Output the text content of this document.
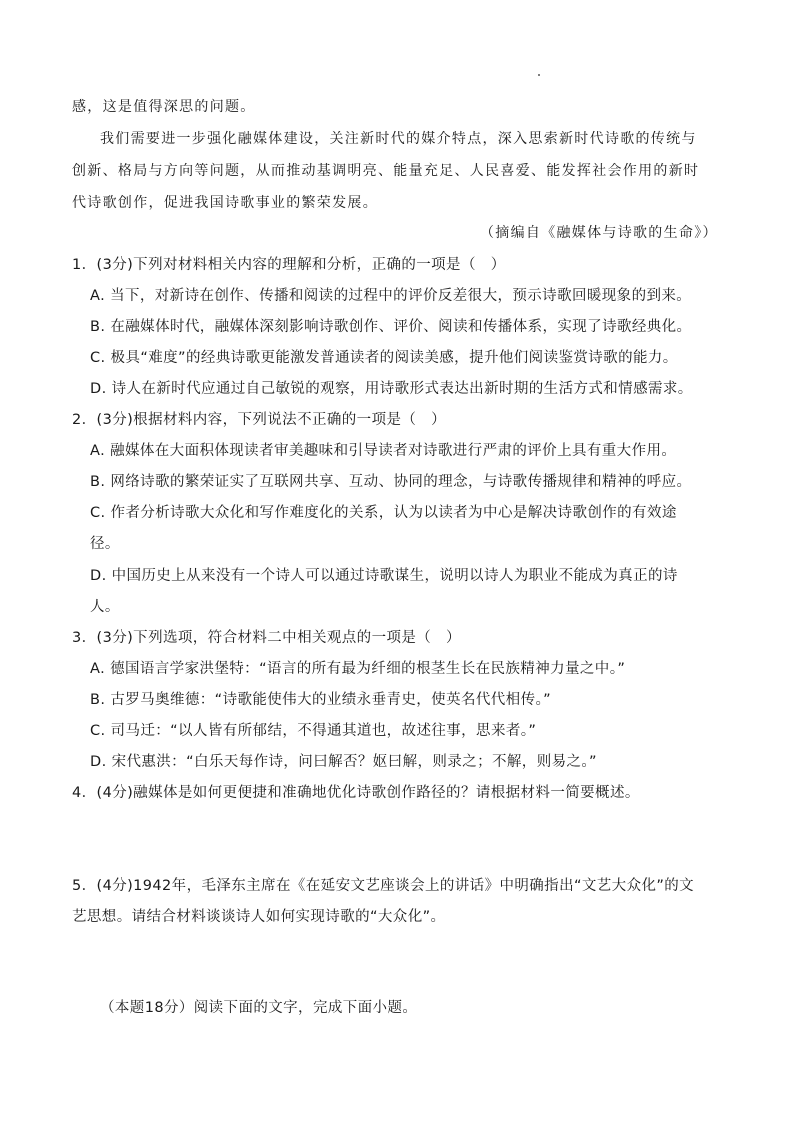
感，这是值得深思的问题。
我们需要进一步强化融媒体建设，关注新时代的媒介特点，深入思索新时代诗歌的传统与
创新、格局与方向等问题，从而推动基调明亮、能量充足、人民喜爱、能发挥社会作用的新时
代诗歌创作，促进我国诗歌事业的繁荣发展。
（摘编自《融媒体与诗歌的生命》）
1．(3分)下列对材料相关内容的理解和分析，正确的一项是（　）
A. 当下，对新诗在创作、传播和阅读的过程中的评价反差很大，预示诗歌回暖现象的到来。
B. 在融媒体时代，融媒体深刻影响诗歌创作、评价、阅读和传播体系，实现了诗歌经典化。
C. 极具“难度”的经典诗歌更能激发普通读者的阅读美感，提升他们阅读鉴赏诗歌的能力。
D. 诗人在新时代应通过自己敏锐的观察，用诗歌形式表达出新时期的生活方式和情感需求。
2．(3分)根据材料内容，下列说法不正确的一项是（　）
A. 融媒体在大面积体现读者审美趣味和引导读者对诗歌进行严肃的评价上具有重大作用。
B. 网络诗歌的繁荣证实了互联网共享、互动、协同的理念，与诗歌传播规律和精神的呼应。
C. 作者分析诗歌大众化和写作难度化的关系，认为以读者为中心是解决诗歌创作的有效途
径。
D. 中国历史上从来没有一个诗人可以通过诗歌谋生，说明以诗人为职业不能成为真正的诗
人。
3．(3分)下列选项，符合材料二中相关观点的一项是（　）
A. 德国语言学家洪堡特：“语言的所有最为纤细的根茎生长在民族精神力量之中。”
B. 古罗马奥维德：“诗歌能使伟大的业绩永垂青史，使英名代代相传。”
C. 司马迁：“以人皆有所郁结，不得通其道也，故述往事，思来者。”
D. 宋代惠洪：“白乐天每作诗，问曰解否？妪曰解，则录之；不解，则易之。”
4．(4分)融媒体是如何更便捷和准确地优化诗歌创作路径的？请根据材料一简要概述。
5．(4分)1942年，毛泽东主席在《在延安文艺座谈会上的讲话》中明确指出“文艺大众化”的文
艺思想。请结合材料谈谈诗人如何实现诗歌的“大众化”。
（本题18分）阅读下面的文字，完成下面小题。
